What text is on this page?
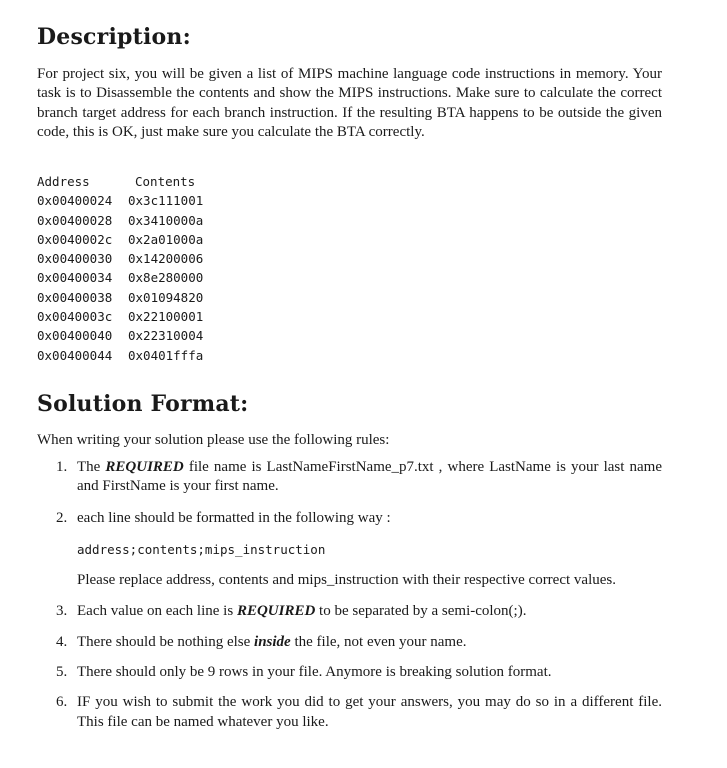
Description:

For project six, you will be given a list of MIPS machine language code instructions in memory. Your task is to Disassemble the contents and show the MIPS instructions. Make sure to calculate the correct branch target address for each branch instruction. If the resulting BTA happens to be outside the given code, this is OK, just make sure you calculate the BTA correctly.

Address	Contents
0x00400024	0x3c111001
0x00400028	0x3410000a
0x0040002c	0x2a01000a
0x00400030	0x14200006
0x00400034	0x8e280000
0x00400038	0x01094820
0x0040003c	0x22100001
0x00400040	0x22310004
0x00400044	0x0401fffa
Solution Format:

When writing your solution please use the following rules:

1. The REQUIRED file name is LastNameFirstName_p7.txt , where LastName is your last name and FirstName is your first name.
2. each line should be formatted in the following way :
address;contents;mips_instruction
Please replace address, contents and mips_instruction with their respective correct values.
3. Each value on each line is REQUIRED to be separated by a semi-colon(;).
4. There should be nothing else inside the file, not even your name.
5. There should only be 9 rows in your file. Anymore is breaking solution format.
6. IF you wish to submit the work you did to get your answers, you may do so in a different file. This file can be named whatever you like.
